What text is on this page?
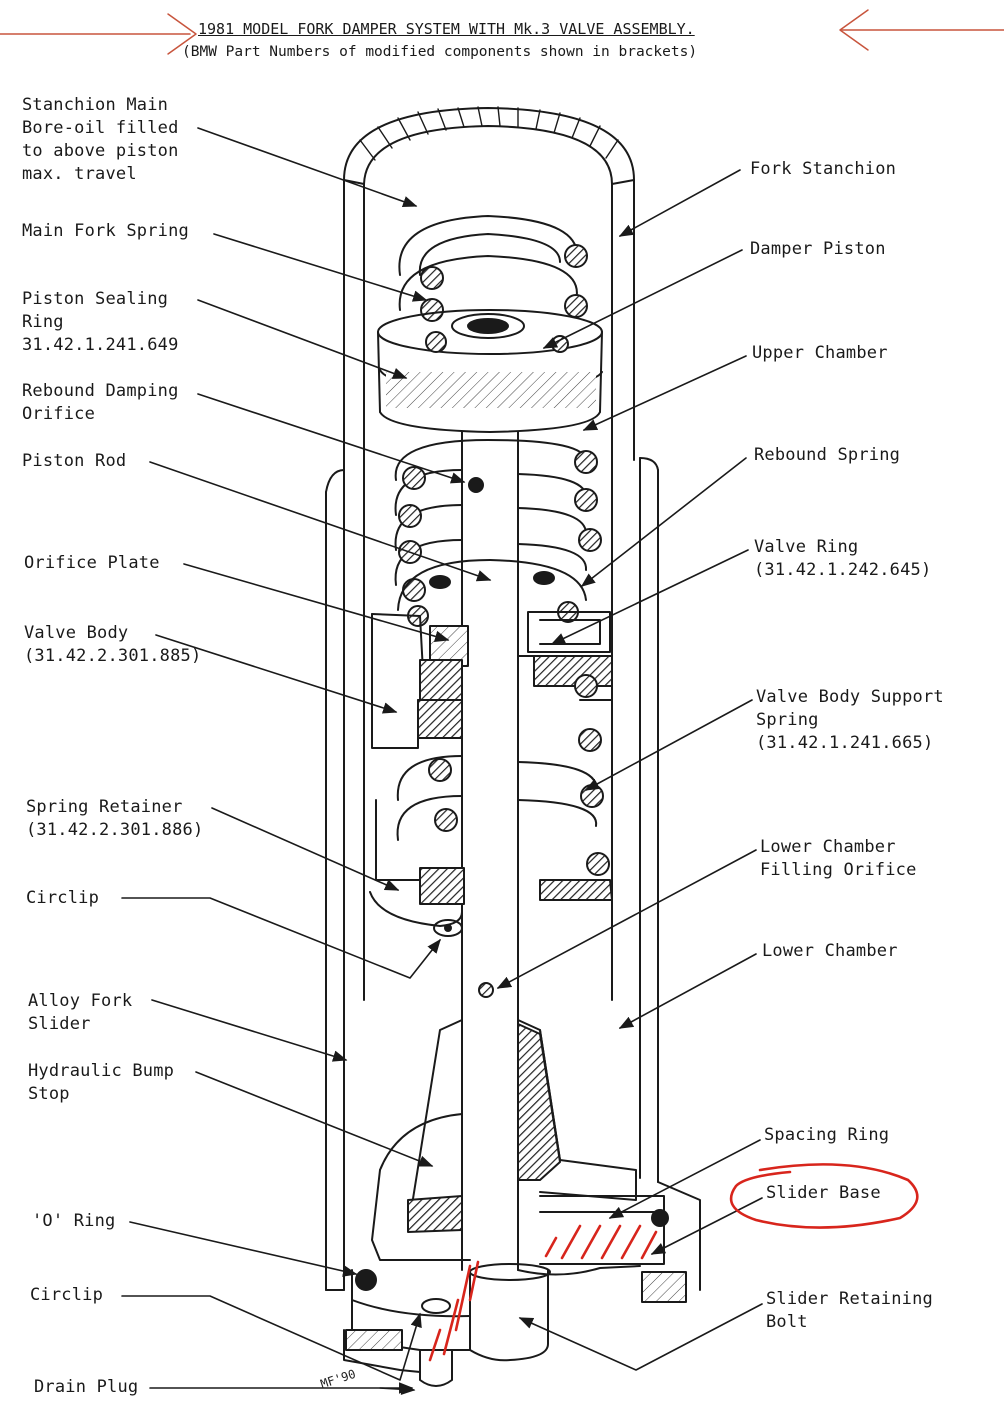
1981 MODEL FORK DAMPER SYSTEM WITH Mk.3 VALVE ASSEMBLY.
(BMW Part Numbers of modified components shown in brackets)
Stanchion Main
Bore-oil filled
to above piston
max. travel
Main Fork Spring
Piston Sealing
Ring
31.42.1.241.649
Rebound Damping
Orifice
Piston Rod
Orifice Plate
Valve Body
(31.42.2.301.885)
Spring Retainer
(31.42.2.301.886)
Circlip
Alloy Fork
Slider
Hydraulic Bump
Stop
'O' Ring
Circlip
Drain Plug
Fork Stanchion
Damper Piston
Upper Chamber
Rebound Spring
Valve Ring
(31.42.1.242.645)
Valve Body Support
Spring
(31.42.1.241.665)
Lower Chamber
Filling Orifice
Lower Chamber
Spacing Ring
Slider Base
Slider Retaining
Bolt
MF'90
